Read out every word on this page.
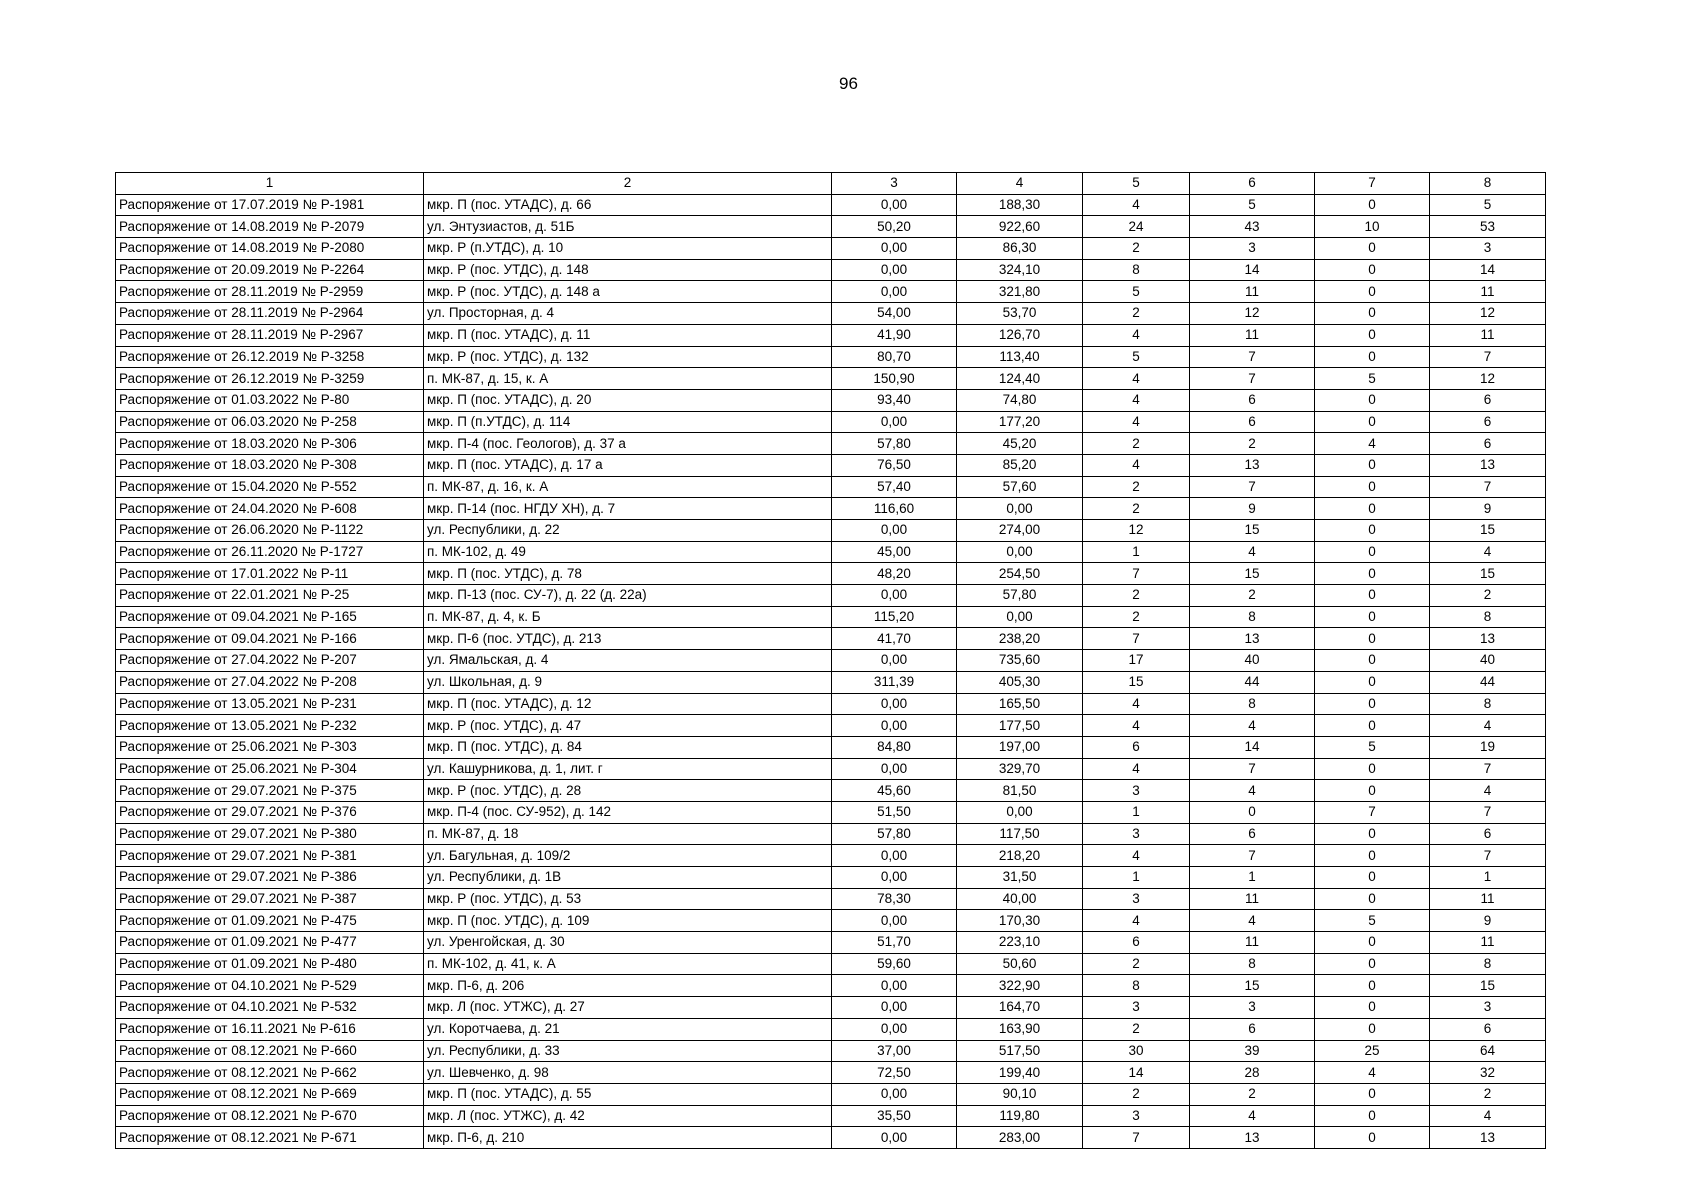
96
1	2	3	4	5	6	7	8
Распоряжение от 17.07.2019 № Р-1981	мкр. П (пос. УТАДС), д. 66	0,00	188,30	4	5	0	5
Распоряжение от 14.08.2019 № Р-2079	ул. Энтузиастов, д. 51Б	50,20	922,60	24	43	10	53
Распоряжение от 14.08.2019 № Р-2080	мкр. Р (п.УТДС), д. 10	0,00	86,30	2	3	0	3
Распоряжение от 20.09.2019 № Р-2264	мкр. Р (пос. УТДС), д. 148	0,00	324,10	8	14	0	14
Распоряжение от 28.11.2019 № Р-2959	мкр. Р (пос. УТДС), д. 148 а	0,00	321,80	5	11	0	11
Распоряжение от 28.11.2019 № Р-2964	ул. Просторная, д. 4	54,00	53,70	2	12	0	12
Распоряжение от 28.11.2019 № Р-2967	мкр. П (пос. УТАДС), д. 11	41,90	126,70	4	11	0	11
Распоряжение от 26.12.2019 № Р-3258	мкр. Р (пос. УТДС), д. 132	80,70	113,40	5	7	0	7
Распоряжение от 26.12.2019 № Р-3259	п. МК-87, д. 15, к. А	150,90	124,40	4	7	5	12
Распоряжение от 01.03.2022 № Р-80	мкр. П (пос. УТАДС), д. 20	93,40	74,80	4	6	0	6
Распоряжение от 06.03.2020 № Р-258	мкр. П (п.УТДС), д. 114	0,00	177,20	4	6	0	6
Распоряжение от 18.03.2020 № Р-306	мкр. П-4 (пос. Геологов), д. 37 а	57,80	45,20	2	2	4	6
Распоряжение от 18.03.2020 № Р-308	мкр. П (пос. УТАДС), д. 17 а	76,50	85,20	4	13	0	13
Распоряжение от 15.04.2020 № Р-552	п. МК-87, д. 16, к. А	57,40	57,60	2	7	0	7
Распоряжение от 24.04.2020 № Р-608	мкр. П-14 (пос. НГДУ ХН), д. 7	116,60	0,00	2	9	0	9
Распоряжение от 26.06.2020 № Р-1122	ул. Республики, д. 22	0,00	274,00	12	15	0	15
Распоряжение от 26.11.2020 № Р-1727	п. МК-102, д. 49	45,00	0,00	1	4	0	4
Распоряжение от 17.01.2022 № Р-11	мкр. П (пос. УТДС), д. 78	48,20	254,50	7	15	0	15
Распоряжение от 22.01.2021 № Р-25	мкр. П-13 (пос. СУ-7), д. 22 (д. 22а)	0,00	57,80	2	2	0	2
Распоряжение от 09.04.2021 № Р-165	п. МК-87, д. 4, к. Б	115,20	0,00	2	8	0	8
Распоряжение от 09.04.2021 № Р-166	мкр. П-6 (пос. УТДС), д. 213	41,70	238,20	7	13	0	13
Распоряжение от 27.04.2022 № Р-207	ул. Ямальская, д. 4	0,00	735,60	17	40	0	40
Распоряжение от 27.04.2022 № Р-208	ул. Школьная, д. 9	311,39	405,30	15	44	0	44
Распоряжение от 13.05.2021 № Р-231	мкр. П (пос. УТАДС), д. 12	0,00	165,50	4	8	0	8
Распоряжение от 13.05.2021 № Р-232	мкр. Р (пос. УТДС), д. 47	0,00	177,50	4	4	0	4
Распоряжение от 25.06.2021 № Р-303	мкр. П (пос. УТДС), д. 84	84,80	197,00	6	14	5	19
Распоряжение от 25.06.2021 № Р-304	ул. Кашурникова, д. 1, лит. г	0,00	329,70	4	7	0	7
Распоряжение от 29.07.2021 № Р-375	мкр. Р (пос. УТДС), д. 28	45,60	81,50	3	4	0	4
Распоряжение от 29.07.2021 № Р-376	мкр. П-4 (пос. СУ-952), д. 142	51,50	0,00	1	0	7	7
Распоряжение от 29.07.2021 № Р-380	п. МК-87, д. 18	57,80	117,50	3	6	0	6
Распоряжение от 29.07.2021 № Р-381	ул. Багульная, д. 109/2	0,00	218,20	4	7	0	7
Распоряжение от 29.07.2021 № Р-386	ул. Республики, д. 1В	0,00	31,50	1	1	0	1
Распоряжение от 29.07.2021 № Р-387	мкр. Р (пос. УТДС), д. 53	78,30	40,00	3	11	0	11
Распоряжение от 01.09.2021 № Р-475	мкр. П (пос. УТДС), д. 109	0,00	170,30	4	4	5	9
Распоряжение от 01.09.2021 № Р-477	ул. Уренгойская, д. 30	51,70	223,10	6	11	0	11
Распоряжение от 01.09.2021 № Р-480	п. МК-102, д. 41, к. А	59,60	50,60	2	8	0	8
Распоряжение от 04.10.2021 № Р-529	мкр. П-6, д. 206	0,00	322,90	8	15	0	15
Распоряжение от 04.10.2021 № Р-532	мкр. Л (пос. УТЖС), д. 27	0,00	164,70	3	3	0	3
Распоряжение от 16.11.2021 № Р-616	ул. Коротчаева, д. 21	0,00	163,90	2	6	0	6
Распоряжение от 08.12.2021 № Р-660	ул. Республики, д. 33	37,00	517,50	30	39	25	64
Распоряжение от 08.12.2021 № Р-662	ул. Шевченко, д. 98	72,50	199,40	14	28	4	32
Распоряжение от 08.12.2021 № Р-669	мкр. П (пос. УТАДС), д. 55	0,00	90,10	2	2	0	2
Распоряжение от 08.12.2021 № Р-670	мкр. Л (пос. УТЖС), д. 42	35,50	119,80	3	4	0	4
Распоряжение от 08.12.2021 № Р-671	мкр. П-6, д. 210	0,00	283,00	7	13	0	13
